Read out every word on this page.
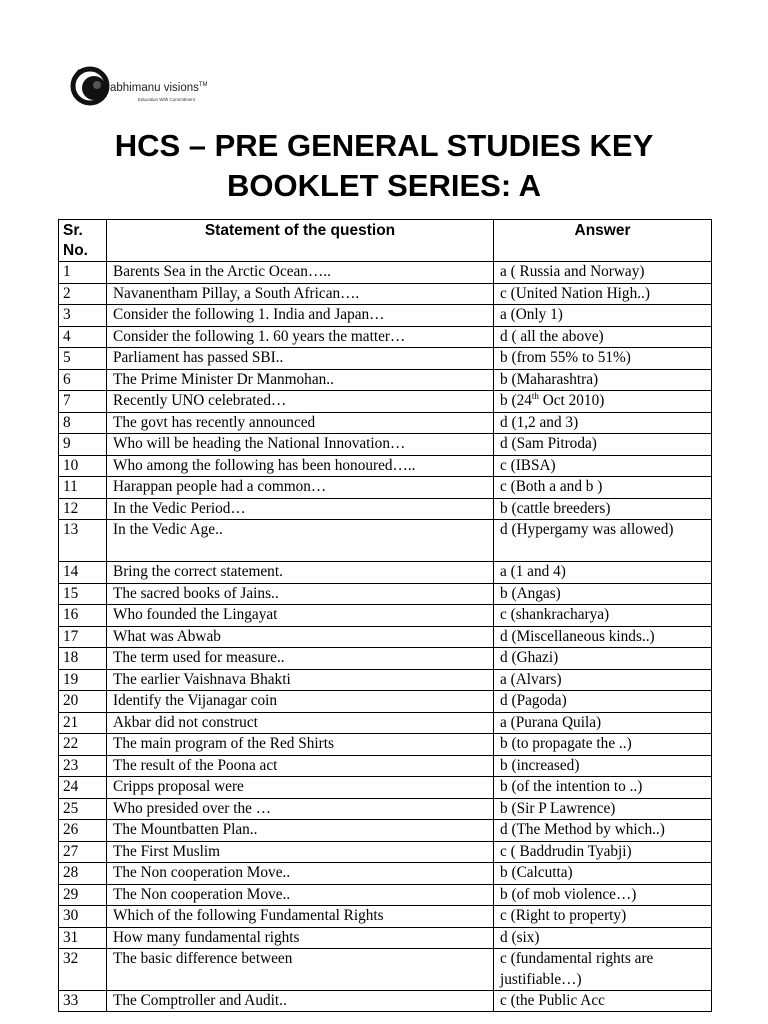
abhimanu visions™
Education With Commitment
HCS – PRE GENERAL STUDIES KEY
BOOKLET SERIES: A
Sr.
No.	Statement of the question	Answer
1	Barents Sea in the Arctic Ocean…..	a ( Russia and Norway)
2	Navanentham Pillay, a South African….	c (United Nation High..)
3	Consider the following 1. India and Japan…	a (Only 1)
4	Consider the following 1. 60 years the matter…	d ( all the above)
5	Parliament has passed SBI..	b (from 55% to 51%)
6	The Prime Minister Dr Manmohan..	b (Maharashtra)
7	Recently UNO celebrated…	b (24th Oct 2010)
8	The govt has recently announced	d (1,2 and 3)
9	Who will be heading the National Innovation…	d (Sam Pitroda)
10	Who among the following has been honoured…..	c (IBSA)
11	Harappan people had a common…	c (Both a and b )
12	In the Vedic Period…	b (cattle breeders)
13	In the Vedic Age..	d (Hypergamy was allowed)
14	Bring the correct statement.	a (1 and 4)
15	The sacred books of Jains..	b (Angas)
16	Who founded the Lingayat	c (shankracharya)
17	What was Abwab	d (Miscellaneous kinds..)
18	The term used for measure..	d (Ghazi)
19	The earlier Vaishnava Bhakti	a (Alvars)
20	Identify the Vijanagar coin	d (Pagoda)
21	Akbar did not construct	a (Purana Quila)
22	The main program of the Red Shirts	b (to propagate the ..)
23	The result of the Poona act	b (increased)
24	Cripps proposal were	b (of the intention to ..)
25	Who presided over the …	b (Sir P Lawrence)
26	The Mountbatten Plan..	d (The Method by which..)
27	The First Muslim	c ( Baddrudin Tyabji)
28	The Non cooperation Move..	b (Calcutta)
29	The Non cooperation Move..	b (of mob violence…)
30	Which of the following Fundamental Rights	c (Right to property)
31	How many fundamental rights	d (six)
32	The basic difference between	c (fundamental rights are justifiable…)
33	The Comptroller and Audit..	c (the Public Acc
